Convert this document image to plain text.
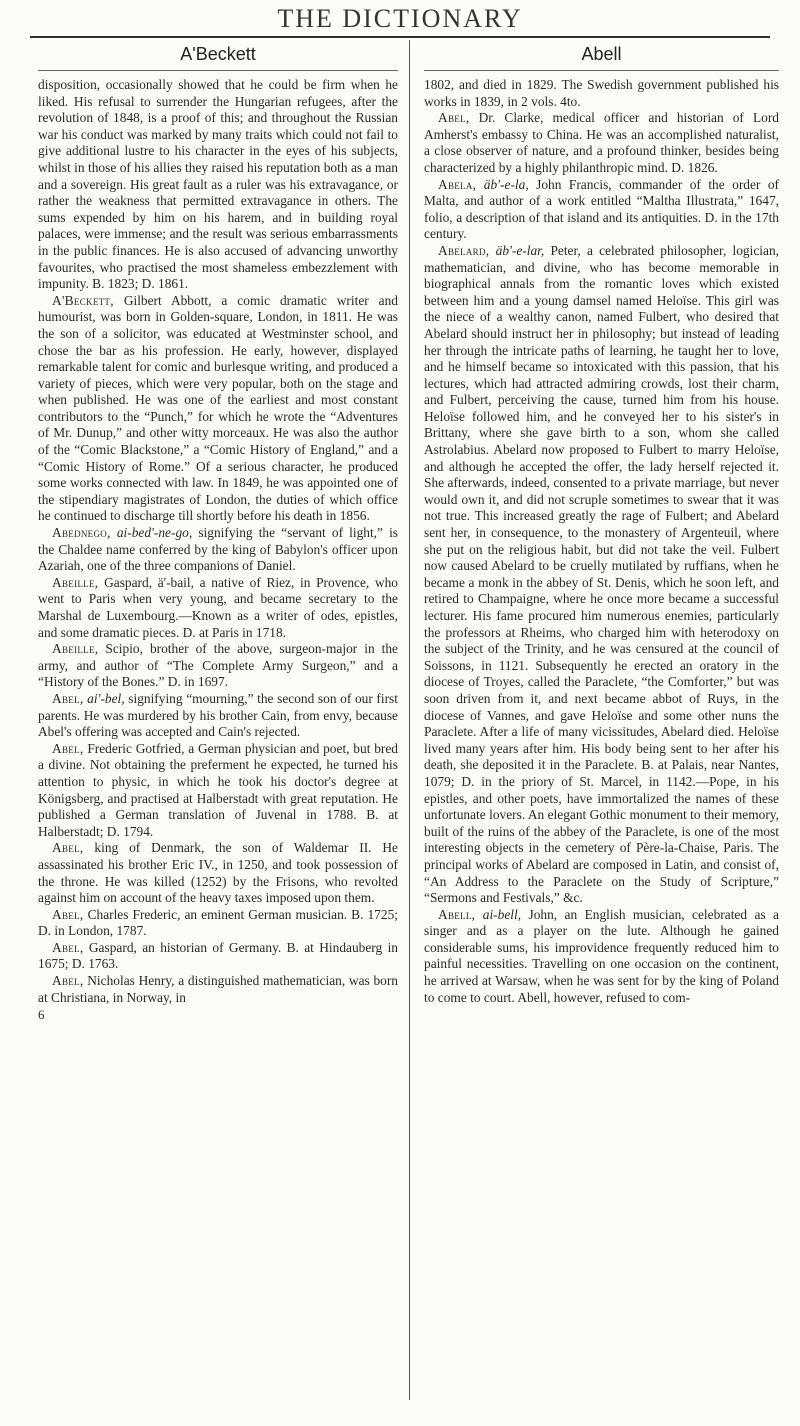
THE DICTIONARY
A'Beckett

disposition, occasionally showed that he could be firm when he liked. His refusal to surrender the Hungarian refugees, after the revolution of 1848, is a proof of this; and throughout the Russian war his conduct was marked by many traits which could not fail to give additional lustre to his character in the eyes of his subjects, whilst in those of his allies they raised his reputation both as a man and a sovereign. His great fault as a ruler was his extravagance, or rather the weakness that permitted extravagance in others. The sums expended by him on his harem, and in building royal palaces, were immense; and the result was serious embarrassments in the public finances. He is also accused of advancing unworthy favourites, who practised the most shameless embezzlement with impunity. B. 1823; D. 1861.

A'Beckett, Gilbert Abbott, a comic dramatic writer and humourist, was born in Golden-square, London, in 1811. He was the son of a solicitor, was educated at Westminster school, and chose the bar as his profession. He early, however, displayed remarkable talent for comic and burlesque writing, and produced a variety of pieces, which were very popular, both on the stage and when published. He was one of the earliest and most constant contributors to the “Punch,” for which he wrote the “Adventures of Mr. Dunup,” and other witty morceaux. He was also the author of the “Comic Blackstone,” a “Comic History of England,” and a “Comic History of Rome.” Of a serious character, he produced some works connected with law. In 1849, he was appointed one of the stipendiary magistrates of London, the duties of which office he continued to discharge till shortly before his death in 1856.

Abednego, ai-bed'-ne-go, signifying the “servant of light,” is the Chaldee name conferred by the king of Babylon's officer upon Azariah, one of the three companions of Daniel.

Abeille, Gaspard, ä'-bail, a native of Riez, in Provence, who went to Paris when very young, and became secretary to the Marshal de Luxembourg.—Known as a writer of odes, epistles, and some dramatic pieces. D. at Paris in 1718.

Abeille, Scipio, brother of the above, surgeon-major in the army, and author of “The Complete Army Surgeon,” and a “History of the Bones.” D. in 1697.

Abel, ai'-bel, signifying “mourning,” the second son of our first parents. He was murdered by his brother Cain, from envy, because Abel's offering was accepted and Cain's rejected.

Abel, Frederic Gotfried, a German physician and poet, but bred a divine. Not obtaining the preferment he expected, he turned his attention to physic, in which he took his doctor's degree at Königsberg, and practised at Halberstadt with great reputation. He published a German translation of Juvenal in 1788. B. at Halberstadt; D. 1794.

Abel, king of Denmark, the son of Waldemar II. He assassinated his brother Eric IV., in 1250, and took possession of the throne. He was killed (1252) by the Frisons, who revolted against him on account of the heavy taxes imposed upon them.

Abel, Charles Frederic, an eminent German musician. B. 1725; D. in London, 1787.

Abel, Gaspard, an historian of Germany. B. at Hindauberg in 1675; D. 1763.

Abel, Nicholas Henry, a distinguished mathematician, was born at Christiana, in Norway, in

6
Abell

1802, and died in 1829. The Swedish government published his works in 1839, in 2 vols. 4to.

Abel, Dr. Clarke, medical officer and historian of Lord Amherst's embassy to China. He was an accomplished naturalist, a close observer of nature, and a profound thinker, besides being characterized by a highly philanthropic mind. D. 1826.

Abela, äb'-e-la, John Francis, commander of the order of Malta, and author of a work entitled “Maltha Illustrata,” 1647, folio, a description of that island and its antiquities. D. in the 17th century.

Abelard, äb'-e-lar, Peter, a celebrated philosopher, logician, mathematician, and divine, who has become memorable in biographical annals from the romantic loves which existed between him and a young damsel named Heloïse. This girl was the niece of a wealthy canon, named Fulbert, who desired that Abelard should instruct her in philosophy; but instead of leading her through the intricate paths of learning, he taught her to love, and he himself became so intoxicated with this passion, that his lectures, which had attracted admiring crowds, lost their charm, and Fulbert, perceiving the cause, turned him from his house. Heloïse followed him, and he conveyed her to his sister's in Brittany, where she gave birth to a son, whom she called Astrolabius. Abelard now proposed to Fulbert to marry Heloïse, and although he accepted the offer, the lady herself rejected it. She afterwards, indeed, consented to a private marriage, but never would own it, and did not scruple sometimes to swear that it was not true. This increased greatly the rage of Fulbert; and Abelard sent her, in consequence, to the monastery of Argenteuil, where she put on the religious habit, but did not take the veil. Fulbert now caused Abelard to be cruelly mutilated by ruffians, when he became a monk in the abbey of St. Denis, which he soon left, and retired to Champaigne, where he once more became a successful lecturer. His fame procured him numerous enemies, particularly the professors at Rheims, who charged him with heterodoxy on the subject of the Trinity, and he was censured at the council of Soissons, in 1121. Subsequently he erected an oratory in the diocese of Troyes, called the Paraclete, “the Comforter,” but was soon driven from it, and next became abbot of Ruys, in the diocese of Vannes, and gave Heloïse and some other nuns the Paraclete. After a life of many vicissitudes, Abelard died. Heloïse lived many years after him. His body being sent to her after his death, she deposited it in the Paraclete. B. at Palais, near Nantes, 1079; D. in the priory of St. Marcel, in 1142.—Pope, in his epistles, and other poets, have immortalized the names of these unfortunate lovers. An elegant Gothic monument to their memory, built of the ruins of the abbey of the Paraclete, is one of the most interesting objects in the cemetery of Père-la-Chaise, Paris. The principal works of Abelard are composed in Latin, and consist of, “An Address to the Paraclete on the Study of Scripture,” “Sermons and Festivals,” &c.

Abell, ai-bell, John, an English musician, celebrated as a singer and as a player on the lute. Although he gained considerable sums, his improvidence frequently reduced him to painful necessities. Travelling on one occasion on the continent, he arrived at Warsaw, when he was sent for by the king of Poland to come to court. Abell, however, refused to com-
